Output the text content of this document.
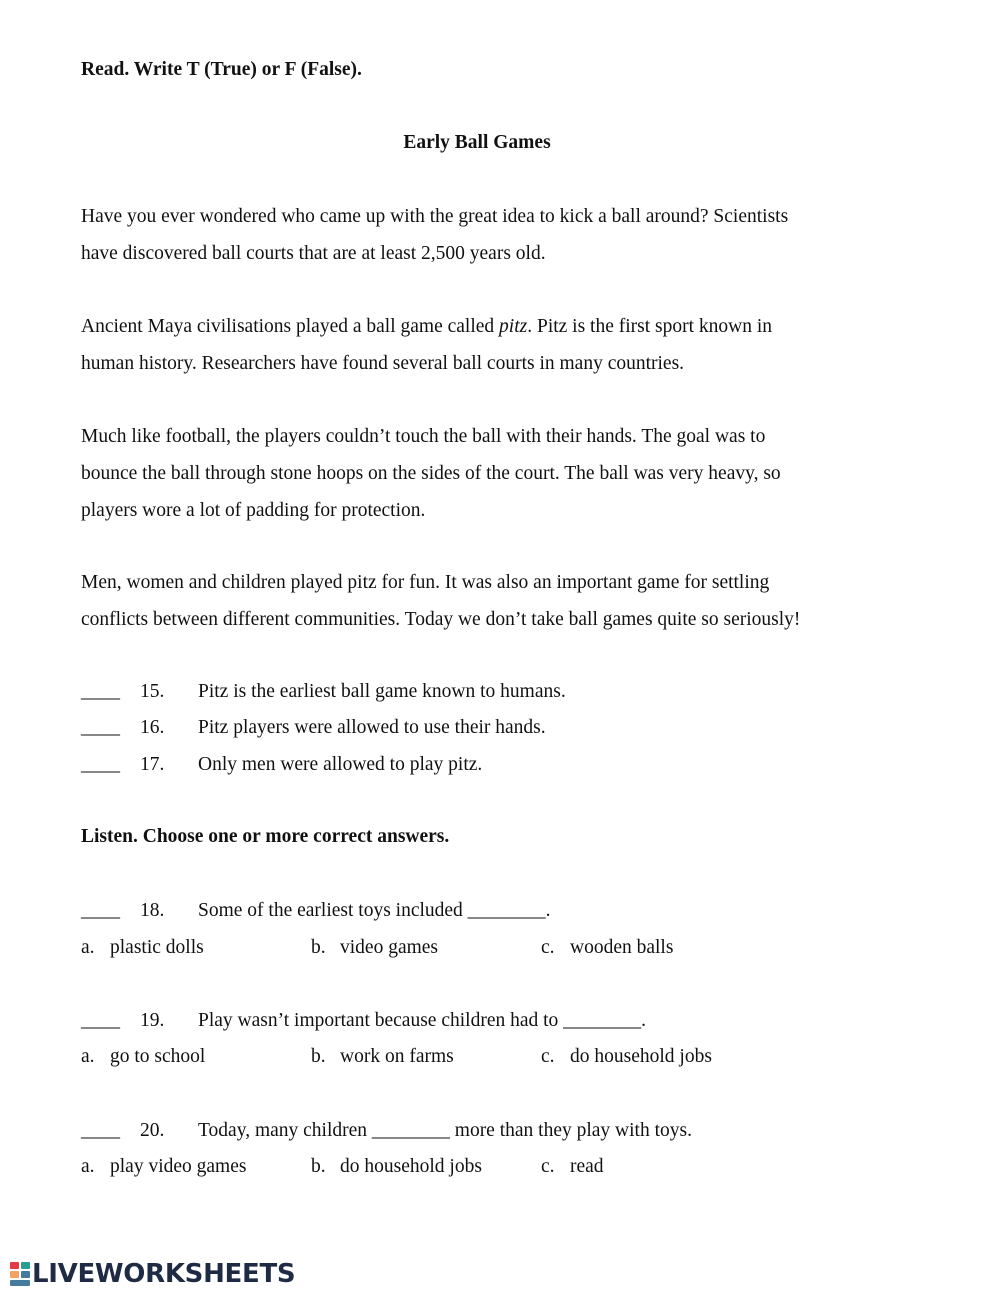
Read. Write T (True) or F (False).
Early Ball Games

Have you ever wondered who came up with the great idea to kick a ball around? Scientists

have discovered ball courts that are at least 2,500 years old.

Ancient Maya civilisations played a ball game called pitz. Pitz is the first sport known in

human history. Researchers have found several ball courts in many countries.

Much like football, the players couldn’t touch the ball with their hands. The goal was to

bounce the ball through stone hoops on the sides of the court. The ball was very heavy, so

players wore a lot of padding for protection.

Men, women and children played pitz for fun. It was also an important game for settling

conflicts between different communities. Today we don’t take ball games quite so seriously!

____ 15. Pitz is the earliest ball game known to humans.
____ 16. Pitz players were allowed to use their hands.
____ 17. Only men were allowed to play pitz.
Listen. Choose one or more correct answers.
____ 18. Some of the earliest toys included ________.
a. plastic dolls	b. video games	c. wooden balls
____ 19. Play wasn’t important because children had to ________.
a. go to school	b. work on farms	c. do household jobs
____ 20. Today, many children ________ more than they play with toys.
a. play video games	b. do household jobs	c. read
LIVEWORKSHEETS
